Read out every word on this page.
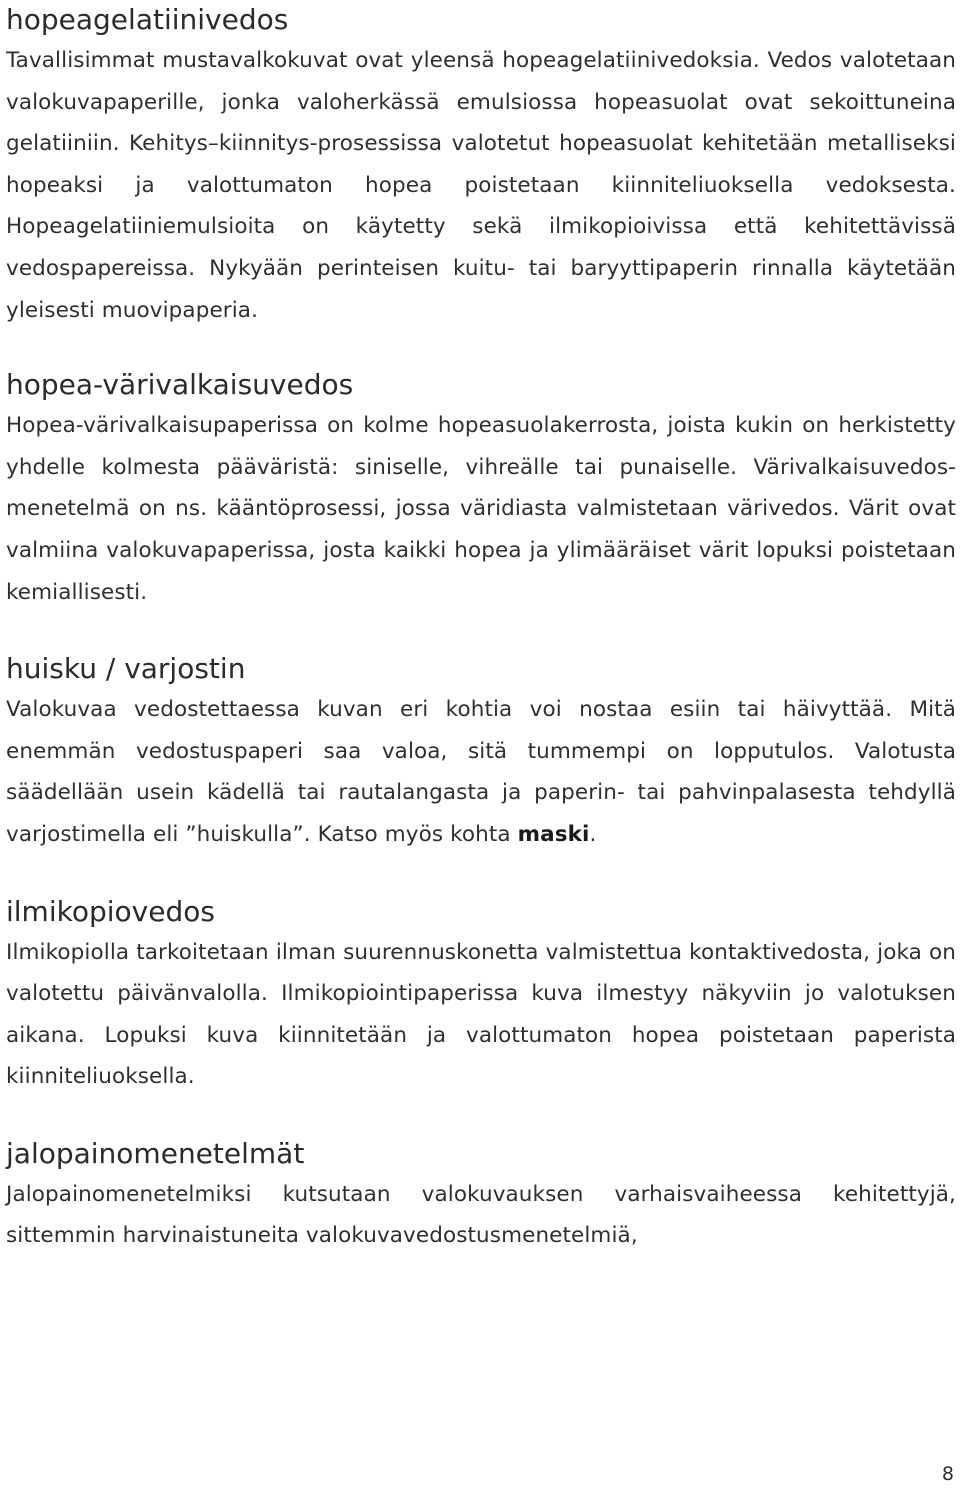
hopeagelatiinivedos

Tavallisimmat mustavalkokuvat ovat yleensä hopeagelatiinivedoksia. Vedos valotetaan valokuvapaperille, jonka valoherkässä emulsiossa hopeasuolat ovat sekoittuneina gelatiiniin. Kehitys–kiinnitys-prosessissa valotetut hopeasuolat kehitetään metalliseksi hopeaksi ja valottumaton hopea poistetaan kiinniteliuoksella vedoksesta. Hopeagelatiiniemulsioita on käytetty sekä ilmikopioivissa että kehitettävissä vedospapereissa. Nykyään perinteisen kuitu- tai baryyttipaperin rinnalla käytetään yleisesti muovipaperia.

hopea-värivalkaisuvedos

Hopea-värivalkaisupaperissa on kolme hopeasuolakerrosta, joista kukin on herkistetty yhdelle kolmesta pääväristä: siniselle, vihreälle tai punaiselle. Värivalkaisuvedos-menetelmä on ns. kääntöprosessi, jossa väridiasta valmistetaan värivedos. Värit ovat valmiina valokuvapaperissa, josta kaikki hopea ja ylimääräiset värit lopuksi poistetaan kemiallisesti.

huisku / varjostin

Valokuvaa vedostettaessa kuvan eri kohtia voi nostaa esiin tai häivyttää. Mitä enemmän vedostuspaperi saa valoa, sitä tummempi on lopputulos. Valotusta säädellään usein kädellä tai rautalangasta ja paperin- tai pahvinpalasesta tehdyllä varjostimella eli ”huiskulla”. Katso myös kohta maski.

ilmikopiovedos

Ilmikopiolla tarkoitetaan ilman suurennuskonetta valmistettua kontaktivedosta, joka on valotettu päivänvalolla. Ilmikopiointipaperissa kuva ilmestyy näkyviin jo valotuksen aikana. Lopuksi kuva kiinnitetään ja valottumaton hopea poistetaan paperista kiinniteliuoksella.

jalopainomenetelmät

Jalopainomenetelmiksi kutsutaan valokuvauksen varhaisvaiheessa kehitettyjä, sittemmin harvinaistuneita valokuvavedostusmenetelmiä,

8
